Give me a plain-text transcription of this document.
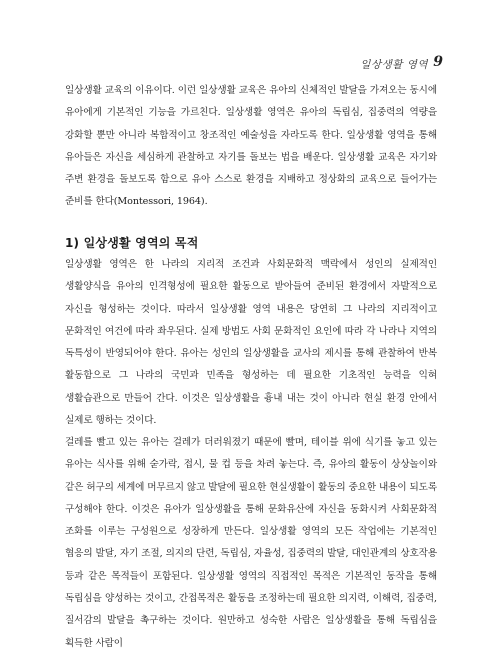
일상생활 영역 9

일상생활 교육의 이유이다. 이런 일상생활 교육은 유아의 신체적인 발달을 가져오는 동시에 유아에게 기본적인 기능을 가르친다. 일상생활 영역은 유아의 독립심, 집중력의 역량을 강화할 뿐만 아니라 복합적이고 창조적인 예술성을 자라도록 한다. 일상생활 영역을 통해 유아들은 자신을 세심하게 관찰하고 자기를 돌보는 법을 배운다. 일상생활 교육은 자기와 주변 환경을 돌보도록 함으로 유아 스스로 환경을 지배하고 정상화의 교육으로 들어가는 준비를 한다(Montessori, 1964).

일상생활 영역은 한 나라의 지리적 조건과 사회문화적 맥락에서 성인의 실제적인 생활양식을 유아의 인격형성에 필요한 활동으로 받아들여 준비된 환경에서 자발적으로 자신을 형성하는 것이다. 따라서 일상생활 영역 내용은 당연히 그 나라의 지리적이고 문화적인 여건에 따라 좌우된다. 실제 방법도 사회 문화적인 요인에 따라 각 나라나 지역의 독특성이 반영되어야 한다. 유아는 성인의 일상생활을 교사의 제시를 통해 관찰하여 반복 활동함으로 그 나라의 국민과 민족을 형성하는 데 필요한 기초적인 능력을 익혀 생활습관으로 만들어 간다. 이것은 일상생활을 흉내 내는 것이 아니라 현실 환경 안에서 실제로 행하는 것이다.

걸레를 빨고 있는 유아는 걸레가 더러워졌기 때문에 빨며, 테이블 위에 식기를 놓고 있는 유아는 식사를 위해 숟가락, 접시, 물 컵 등을 차려 놓는다. 즉, 유아의 활동이 상상놀이와 같은 허구의 세계에 머무르지 않고 발달에 필요한 현실생활이 활동의 중요한 내용이 되도록 구성해야 한다. 이것은 유아가 일상생활을 통해 문화유산에 자신을 동화시켜 사회문화적 조화를 이루는 구성원으로 성장하게 만든다. 일상생활 영역의 모든 작업에는 기본적인 협응의 발달, 자기 조절, 의지의 단련, 독립심, 자율성, 집중력의 발달, 대인관계의 상호작용 등과 같은 목적들이 포함된다. 일상생활 영역의 직접적인 목적은 기본적인 동작을 통해 독립심을 양성하는 것이고, 간접목적은 활동을 조정하는데 필요한 의지력, 이해력, 집중력, 질서감의 발달을 촉구하는 것이다. 원만하고 성숙한 사람은 일상생활을 통해 독립심을 획득한 사람이

1) 일상생활 영역의 목적
